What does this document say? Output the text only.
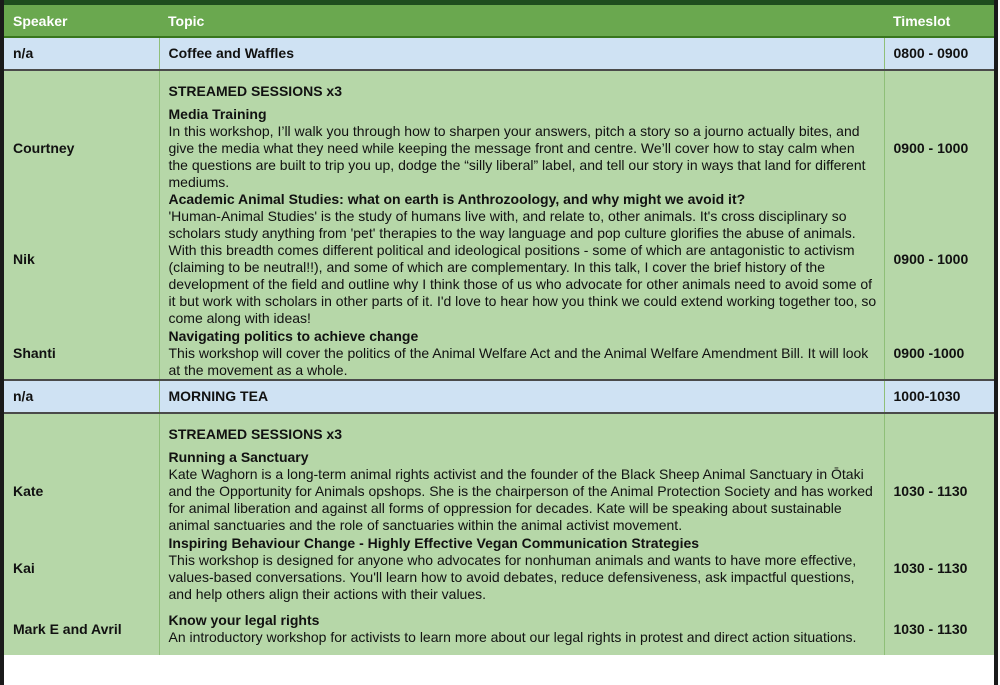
Speaker	Topic	Timeslot
n/a	Coffee and Waffles	0800 - 0900
	STREAMED SESSIONS x3	
Courtney	Media Training
In this workshop, I’ll walk you through how to sharpen your answers, pitch a story so a journo actually bites, and give the media what they need while keeping the message front and centre. We’ll cover how to stay calm when the questions are built to trip you up, dodge the “silly liberal” label, and tell our story in ways that land for different mediums.	0900 - 1000
Nik	Academic Animal Studies: what on earth is Anthrozoology, and why might we avoid it?
'Human-Animal Studies' is the study of humans live with, and relate to, other animals. It's cross disciplinary so scholars study anything from 'pet' therapies to the way language and pop culture glorifies the abuse of animals. With this breadth comes different political and ideological positions - some of which are antagonistic to activism (claiming to be neutral!!), and some of which are complementary. In this talk, I cover the brief history of the development of the field and outline why I think those of us who advocate for other animals need to avoid some of it but work with scholars in other parts of it. I'd love to hear how you think we could extend working together too, so come along with ideas!	0900 - 1000
Shanti	Navigating politics to achieve change
This workshop will cover the politics of the Animal Welfare Act and the Animal Welfare Amendment Bill. It will look at the movement as a whole.	0900 -1000
n/a	MORNING TEA	1000-1030
	STREAMED SESSIONS x3	
Kate	Running a Sanctuary
Kate Waghorn is a long-term animal rights activist and the founder of the Black Sheep Animal Sanctuary in Ōtaki and the Opportunity for Animals opshops. She is the chairperson of the Animal Protection Society and has worked for animal liberation and against all forms of oppression for decades. Kate will be speaking about sustainable animal sanctuaries and the role of sanctuaries within the animal activist movement.	1030 - 1130
Kai	Inspiring Behaviour Change - Highly Effective Vegan Communication Strategies
This workshop is designed for anyone who advocates for nonhuman animals and wants to have more effective, values-based conversations. You'll learn how to avoid debates, reduce defensiveness, ask impactful questions, and help others align their actions with their values.	1030 - 1130
Mark E and Avril	Know your legal rights
An introductory workshop for activists to learn more about our legal rights in protest and direct action situations.	1030 - 1130
